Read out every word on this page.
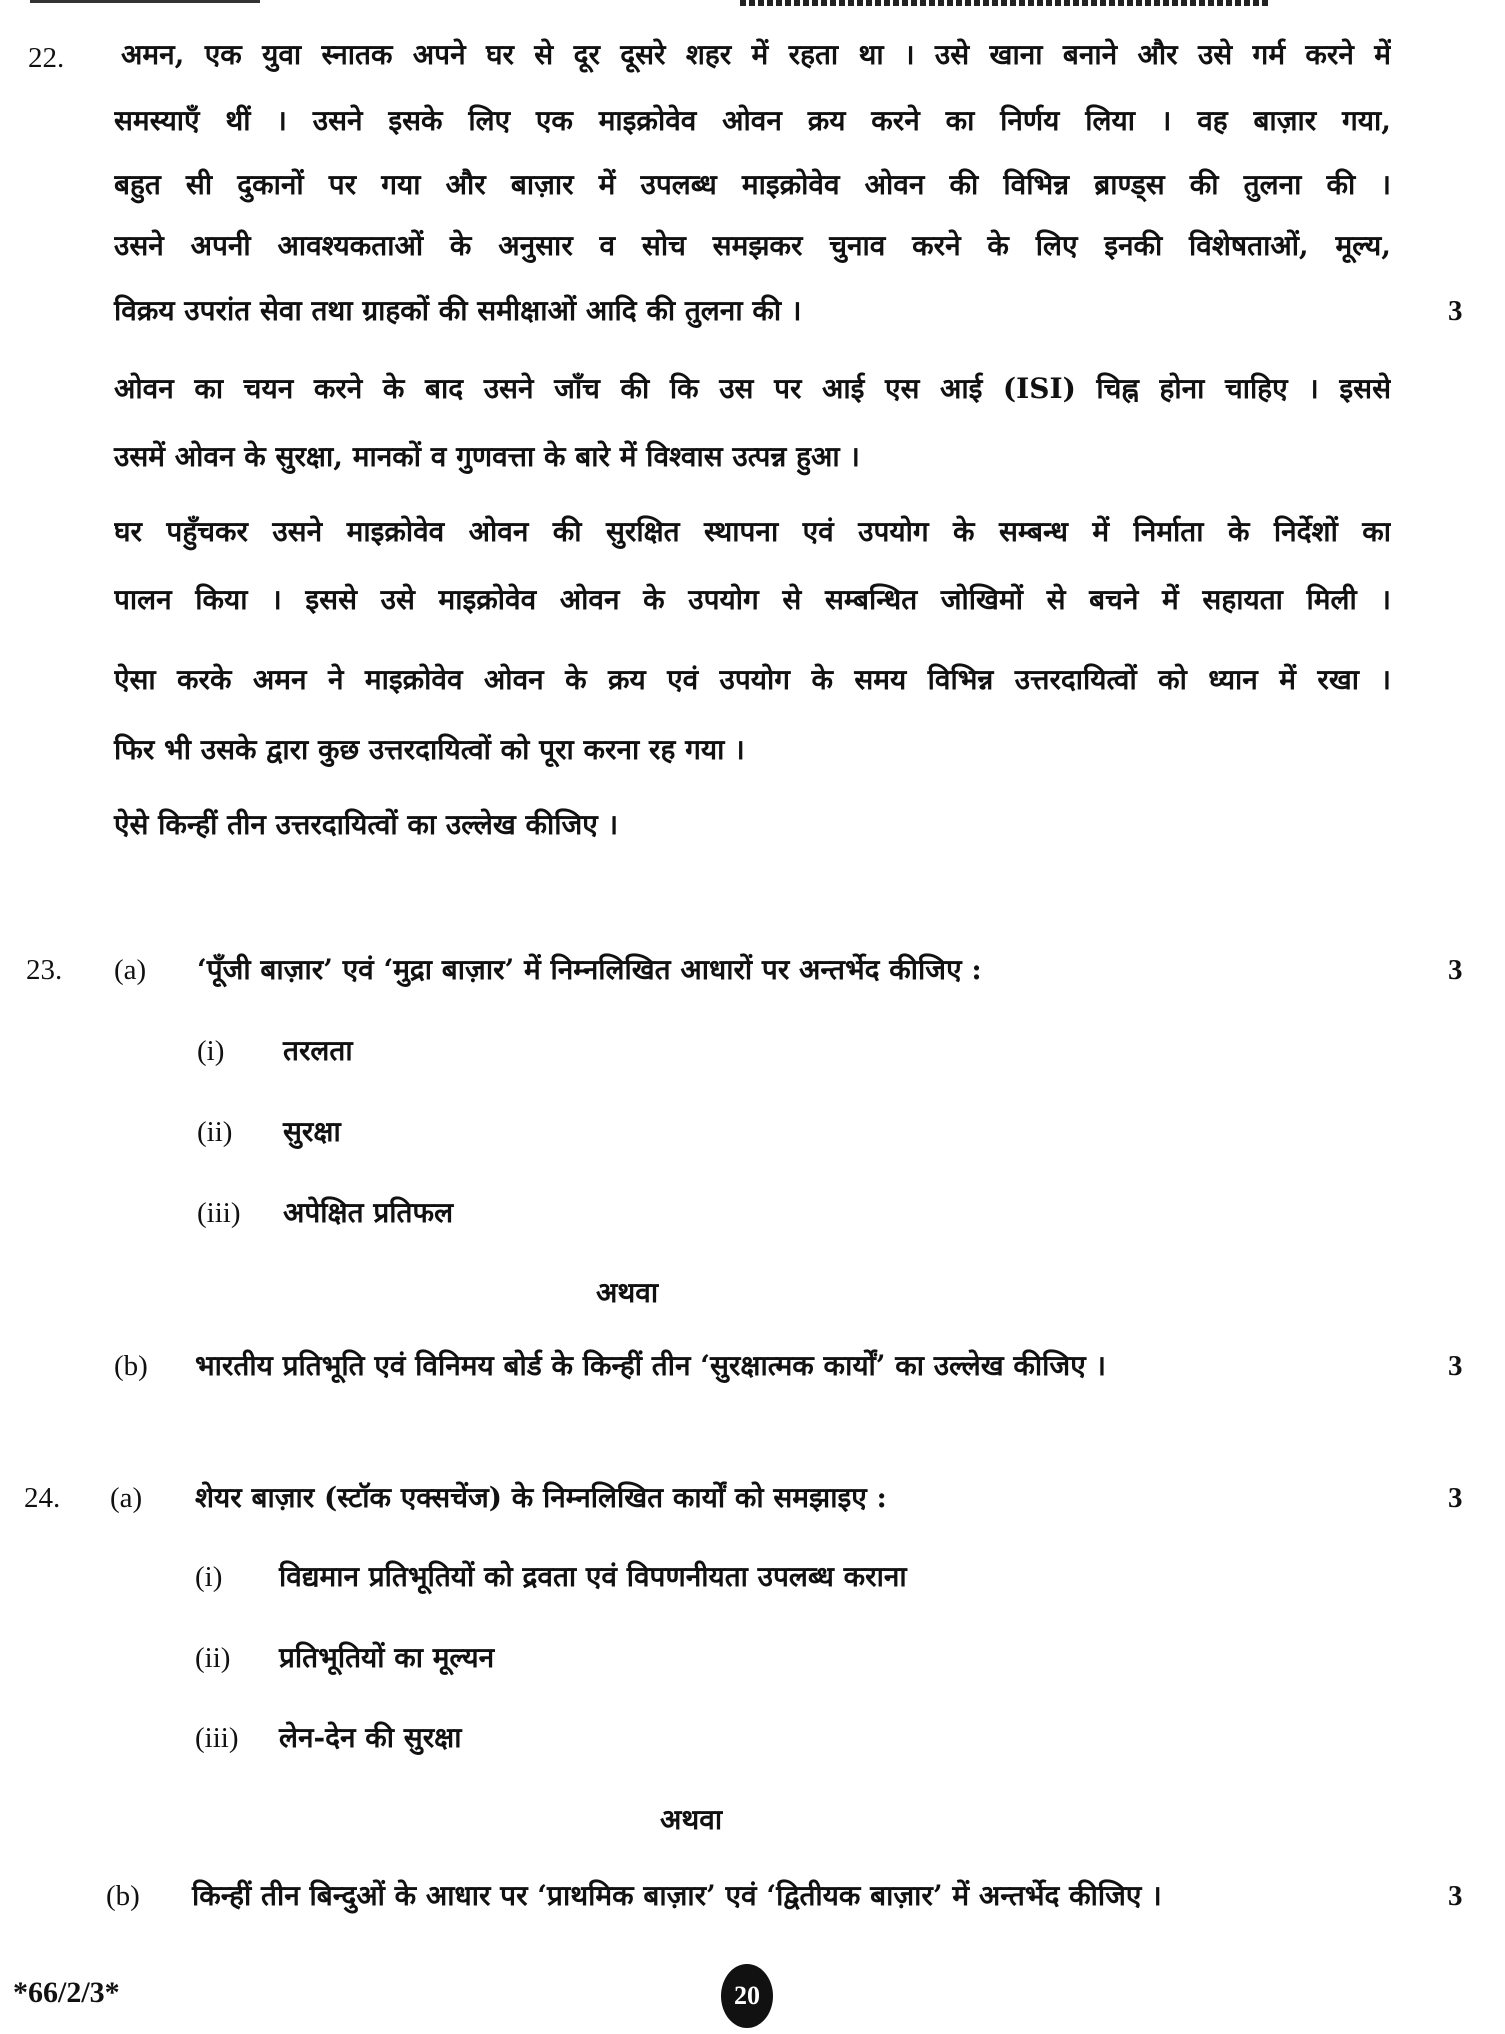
22. अमन, एक युवा स्नातक अपने घर से दूर दूसरे शहर में रहता था । उसे खाना बनाने और उसे गर्म करने में
समस्याएँ थीं । उसने इसके लिए एक माइक्रोवेव ओवन क्रय करने का निर्णय लिया । वह बाज़ार गया,
बहुत सी दुकानों पर गया और बाज़ार में उपलब्ध माइक्रोवेव ओवन की विभिन्न ब्राण्ड्स की तुलना की ।
उसने अपनी आवश्यकताओं के अनुसार व सोच समझकर चुनाव करने के लिए इनकी विशेषताओं, मूल्य,
विक्रय उपरांत सेवा तथा ग्राहकों की समीक्षाओं आदि की तुलना की ।	3
ओवन का चयन करने के बाद उसने जाँच की कि उस पर आई एस आई (ISI) चिह्न होना चाहिए । इससे
उसमें ओवन के सुरक्षा, मानकों व गुणवत्ता के बारे में विश्वास उत्पन्न हुआ ।
घर पहुँचकर उसने माइक्रोवेव ओवन की सुरक्षित स्थापना एवं उपयोग के सम्बन्ध में निर्माता के निर्देशों का
पालन किया । इससे उसे माइक्रोवेव ओवन के उपयोग से सम्बन्धित जोखिमों से बचने में सहायता मिली ।
ऐसा करके अमन ने माइक्रोवेव ओवन के क्रय एवं उपयोग के समय विभिन्न उत्तरदायित्वों को ध्यान में रखा ।
फिर भी उसके द्वारा कुछ उत्तरदायित्वों को पूरा करना रह गया ।
ऐसे किन्हीं तीन उत्तरदायित्वों का उल्लेख कीजिए ।
23. (a) ‘पूँजी बाज़ार’ एवं ‘मुद्रा बाज़ार’ में निम्नलिखित आधारों पर अन्तर्भेद कीजिए :	3
(i) तरलता
(ii) सुरक्षा
(iii) अपेक्षित प्रतिफल
अथवा
(b) भारतीय प्रतिभूति एवं विनिमय बोर्ड के किन्हीं तीन ‘सुरक्षात्मक कार्यों’ का उल्लेख कीजिए ।	3
24. (a) शेयर बाज़ार (स्टॉक एक्सचेंज) के निम्नलिखित कार्यों को समझाइए :	3
(i) विद्यमान प्रतिभूतियों को द्रवता एवं विपणनीयता उपलब्ध कराना
(ii) प्रतिभूतियों का मूल्यन
(iii) लेन-देन की सुरक्षा
अथवा
(b) किन्हीं तीन बिन्दुओं के आधार पर ‘प्राथमिक बाज़ार’ एवं ‘द्वितीयक बाज़ार’ में अन्तर्भेद कीजिए ।	3
*66/2/3*	20
